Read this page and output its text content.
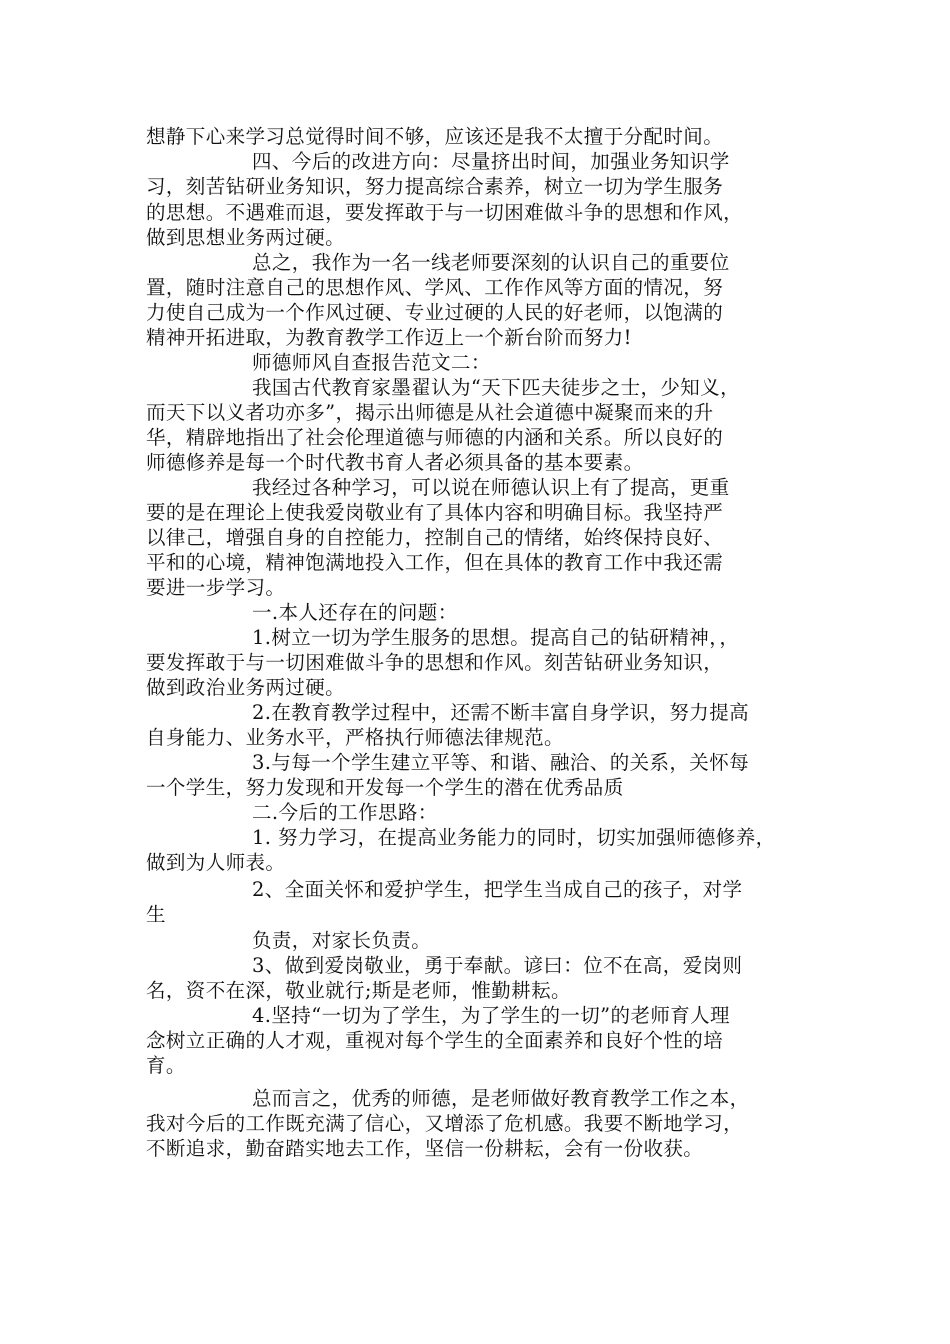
想静下心来学习总觉得时间不够，应该还是我不太擅于分配时间。

四、今后的改进方向：尽量挤出时间，加强业务知识学

习，刻苦钻研业务知识，努力提高综合素养，树立一切为学生服务

的思想。不遇难而退，要发挥敢于与一切困难做斗争的思想和作风，

做到思想业务两过硬。

总之，我作为一名一线老师要深刻的认识自己的重要位

置，随时注意自己的思想作风、学风、工作作风等方面的情况，努

力使自己成为一个作风过硬、专业过硬的人民的好老师，以饱满的

精神开拓进取，为教育教学工作迈上一个新台阶而努力!

师德师风自查报告范文二：

我国古代教育家墨翟认为“天下匹夫徒步之士，少知义，

而天下以义者功亦多”，揭示出师德是从社会道德中凝聚而来的升

华，精辟地指出了社会伦理道德与师德的内涵和关系。所以良好的

师德修养是每一个时代教书育人者必须具备的基本要素。

我经过各种学习，可以说在师德认识上有了提高，更重

要的是在理论上使我爱岗敬业有了具体内容和明确目标。我坚持严

以律己，增强自身的自控能力，控制自己的情绪，始终保持良好、

平和的心境，精神饱满地投入工作，但在具体的教育工作中我还需

要进一步学习。

一.本人还存在的问题：

1.树立一切为学生服务的思想。提高自己的钻研精神，，

要发挥敢于与一切困难做斗争的思想和作风。刻苦钻研业务知识，

做到政治业务两过硬。

2.在教育教学过程中，还需不断丰富自身学识，努力提高

自身能力、业务水平，严格执行师德法律规范。

3.与每一个学生建立平等、和谐、融洽、的关系，关怀每

一个学生，努力发现和开发每一个学生的潜在优秀品质

二.今后的工作思路：

1. 努力学习，在提高业务能力的同时，切实加强师德修养，

做到为人师表。

2、全面关怀和爱护学生，把学生当成自己的孩子，对学

生

负责，对家长负责。

3、做到爱岗敬业，勇于奉献。谚曰：位不在高，爱岗则

名，资不在深，敬业就行;斯是老师，惟勤耕耘。

4.坚持“一切为了学生，为了学生的一切”的老师育人理

念树立正确的人才观，重视对每个学生的全面素养和良好个性的培

育。

总而言之，优秀的师德，是老师做好教育教学工作之本，

我对今后的工作既充满了信心，又增添了危机感。我要不断地学习，

不断追求，勤奋踏实地去工作，坚信一份耕耘，会有一份收获。
